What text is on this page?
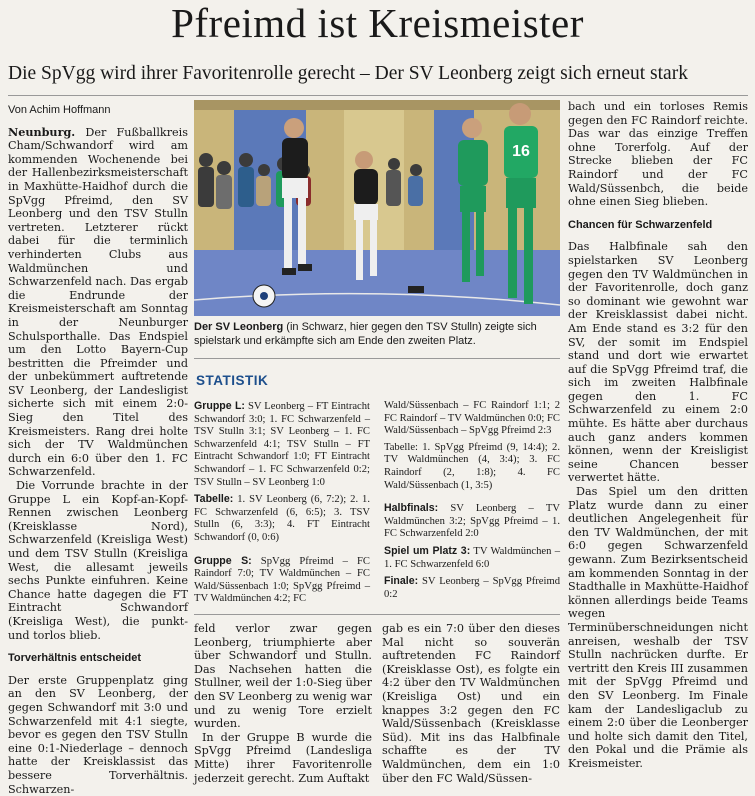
Pfreimd ist Kreismeister
Die SpVgg wird ihrer Favoritenrolle gerecht – Der SV Leonberg zeigt sich erneut stark

Von Achim Hoffmann

Neunburg. Der Fußballkreis Cham/Schwandorf wird am kommenden Wochenende bei der Hallenbezirksmeisterschaft in Maxhütte-Haidhof durch die SpVgg Pfreimd, den SV Leonberg und den TSV Stulln vertreten. Letzterer rückt dabei für die terminlich verhinderten Clubs aus Waldmünchen und Schwarzenfeld nach. Das ergab die Endrunde der Kreismeisterschaft am Sonntag in der Neunburger Schulsporthalle. Das Endspiel um den Lotto Bayern-Cup bestritten die Pfreimder und der unbekümmert auftretende SV Leonberg, der Landesligist sicherte sich mit einem 2:0-Sieg den Titel des Kreismeisters. Rang drei holte sich der TV Waldmünchen durch ein 6:0 über den 1. FC Schwarzenfeld.

Die Vorrunde brachte in der Gruppe L ein Kopf-an-Kopf-Rennen zwischen Leonberg (Kreisklasse Nord), Schwarzenfeld (Kreisliga West) und dem TSV Stulln (Kreisliga West, die allesamt jeweils sechs Punkte einfuhren. Keine Chance hatte dagegen die FT Eintracht Schwandorf (Kreisliga West), die punkt- und torlos blieb.

Torverhältnis entscheidet

Der erste Gruppenplatz ging an den SV Leonberg, der gegen Schwandorf mit 3:0 und Schwarzenfeld mit 4:1 siegte, bevor es gegen den TSV Stulln eine 0:1-Niederlage – dennoch hatte der Kreisklassist das bessere Torverhältnis. Schwarzen-

16
Der SV Leonberg (in Schwarz, hier gegen den TSV Stulln) zeigte sich spielstark und erkämpfte sich am Ende den zweiten Platz.
STATISTIK

Gruppe L: SV Leonberg – FT Eintracht Schwandorf 3:0; 1. FC Schwarzenfeld – TSV Stulln 3:1; SV Leonberg – 1. FC Schwarzenfeld 4:1; TSV Stulln – FT Eintracht Schwandorf 1:0; FT Eintracht Schwandorf – 1. FC Schwarzenfeld 0:2; TSV Stulln – SV Leonberg 1:0

Tabelle: 1. SV Leonberg (6, 7:2); 2. 1. FC Schwarzenfeld (6, 6:5); 3. TSV Stulln (6, 3:3); 4. FT Eintracht Schwandorf (0, 0:6)

Gruppe S: SpVgg Pfreimd – FC Raindorf 7:0; TV Waldmünchen – FC Wald/Süssenbach 1:0; SpVgg Pfreimd – TV Waldmünchen 4:2; FC

Wald/Süssenbach – FC Raindorf 1:1; 2 FC Raindorf – TV Waldmünchen 0:0; FC Wald/Süssenbach – SpVgg Pfreimd 2:3

Tabelle: 1. SpVgg Pfreimd (9, 14:4); 2. TV Waldmünchen (4, 3:4); 3. FC Raindorf (2, 1:8); 4. FC Wald/Süssenbach (1, 3:5)

Halbfinals: SV Leonberg – TV Waldmünchen 3:2; SpVgg Pfreimd – 1. FC Schwarzenfeld 2:0

Spiel um Platz 3: TV Waldmünchen – 1. FC Schwarzenfeld 6:0

Finale: SV Leonberg – SpVgg Pfreimd 0:2

feld verlor zwar gegen Leonberg, triumphierte aber über Schwandorf und Stulln. Das Nachsehen hatten die Stullner, weil der 1:0-Sieg über den SV Leonberg zu wenig war und zu wenig Tore erzielt wurden.

In der Gruppe B wurde die SpVgg Pfreimd (Landesliga Mitte) ihrer Favoritenrolle jederzeit gerecht. Zum Auftakt

gab es ein 7:0 über den dieses Mal nicht so souverän auftretenden FC Raindorf (Kreisklasse Ost), es folgte ein 4:2 über den TV Waldmünchen (Kreisliga Ost) und ein knappes 3:2 gegen den FC Wald/Süssenbach (Kreisklasse Süd). Mit ins das Halbfinale schaffte es der TV Waldmünchen, dem ein 1:0 über den FC Wald/Süssen-

bach und ein torloses Remis gegen den FC Raindorf reichte. Das war das einzige Treffen ohne Torerfolg. Auf der Strecke blieben der FC Raindorf und der FC Wald/Süssenbch, die beide ohne einen Sieg blieben.

Chancen für Schwarzenfeld

Das Halbfinale sah den spielstarken SV Leonberg gegen den TV Waldmünchen in der Favoritenrolle, doch ganz so dominant wie gewohnt war der Kreisklassist dabei nicht. Am Ende stand es 3:2 für den SV, der somit im Endspiel stand und dort wie erwartet auf die SpVgg Pfreimd traf, die sich im zweiten Halbfinale gegen den 1. FC Schwarzenfeld zu einem 2:0 mühte. Es hätte aber durchaus auch ganz anders kommen können, wenn der Kreisligist seine Chancen besser verwertet hätte.

Das Spiel um den dritten Platz wurde dann zu einer deutlichen Angelegenheit für den TV Waldmünchen, der mit 6:0 gegen Schwarzenfeld gewann. Zum Bezirksentscheid am kommenden Sonntag in der Stadthalle in Maxhütte-Haidhof können allerdings beide Teams wegen Terminüberschneidungen nicht anreisen, weshalb der TSV Stulln nachrücken durfte. Er vertritt den Kreis III zusammen mit der SpVgg Pfreimd und den SV Leonberg. Im Finale kam der Landesligaclub zu einem 2:0 über die Leonberger und holte sich damit den Titel, den Pokal und die Prämie als Kreismeister.
